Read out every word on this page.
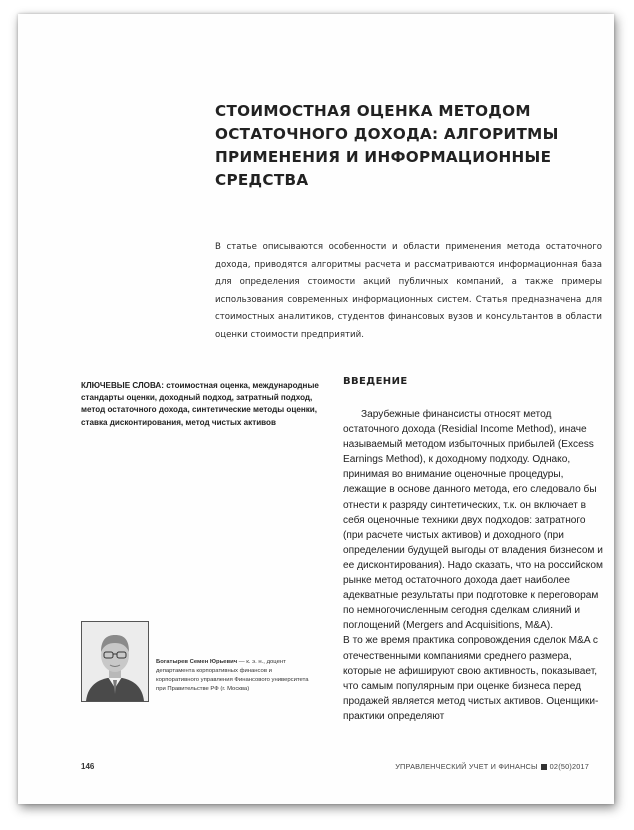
СТОИМОСТНАЯ ОЦЕНКА МЕТОДОМ ОСТАТОЧНОГО ДОХОДА: АЛГОРИТМЫ ПРИМЕНЕНИЯ И ИНФОРМАЦИОННЫЕ СРЕДСТВА

В статье описываются особенности и области применения метода остаточного дохода, приводятся алгоритмы расчета и рассматриваются информационная база для определения стоимости акций публичных компаний, а также примеры использования современных информационных систем. Статья предназначена для стоимостных аналитиков, студентов финансовых вузов и консультантов в области оценки стоимости предприятий.

КЛЮЧЕВЫЕ СЛОВА: стоимостная оценка, международные стандарты оценки, доходный подход, затратный подход, метод остаточного дохода, синтетические методы оценки, ставка дисконтирования, метод чистых активов

ВВЕДЕНИЕ

Зарубежные финансисты относят метод остаточного дохода (Residial Income Method), иначе называемый методом избыточных прибылей (Excess Earnings Method), к доходному подходу. Однако, принимая во внимание оценочные процедуры, лежащие в основе данного метода, его следовало бы отнести к разряду синтетических, т.к. он включает в себя оценочные техники двух подходов: затратного (при расчете чистых активов) и доходного (при определении будущей выгоды от владения бизнесом и ее дисконтирования). Надо сказать, что на российском рынке метод остаточного дохода дает наиболее адекватные результаты при подготовке к переговорам по немногочисленным сегодня сделкам слияний и поглощений (Mergers and Acquisitions, M&A).

В то же время практика сопровождения сделок M&A с отечественными компаниями среднего размера, которые не афишируют свою активность, показывает, что самым популярным при оценке бизнеса перед продажей является метод чистых активов. Оценщики-практики определяют

Богатырев Семен Юрьевич — к. э. н., доцент департамента корпоративных финансов и корпоративного управления Финансового университета при Правительстве РФ (г. Москва)

146	УПРАВЛЕНЧЕСКИЙ УЧЕТ И ФИНАНСЫ 02(50)2017
